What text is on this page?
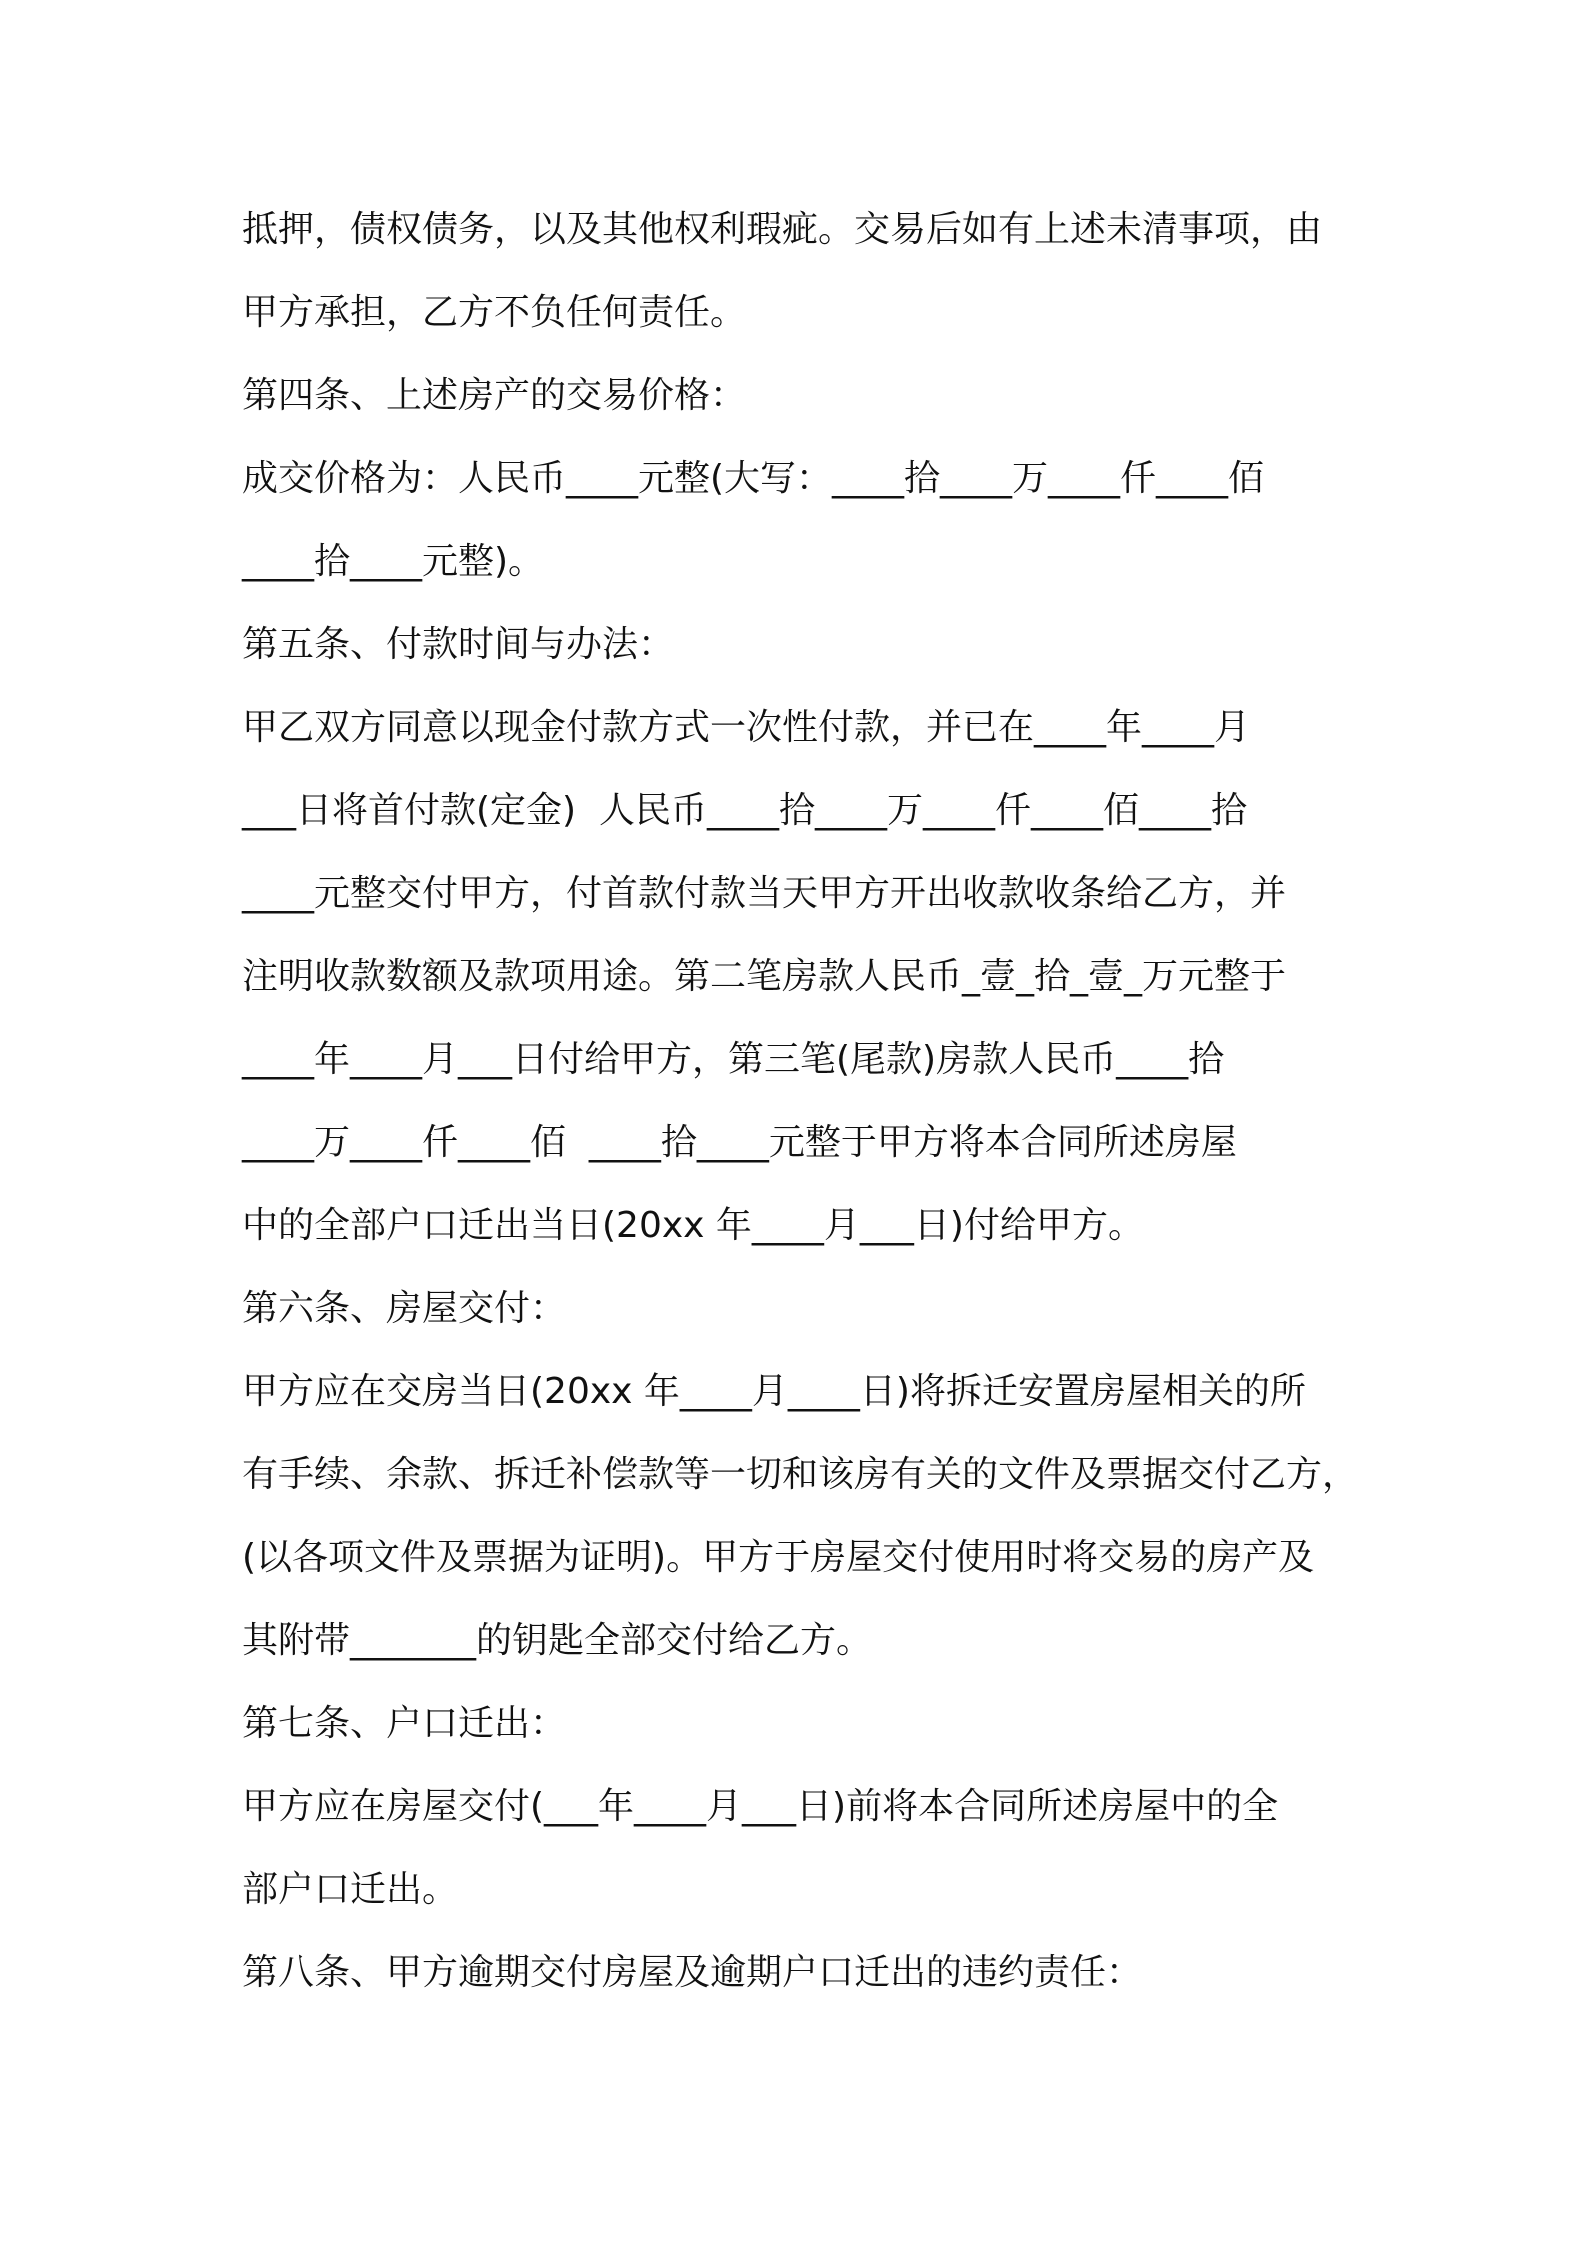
抵押，债权债务，以及其他权利瑕疵。交易后如有上述未清事项，由

甲方承担，乙方不负任何责任。

第四条、上述房产的交易价格：

成交价格为：人民币____元整(大写：____拾____万____仟____佰

____拾____元整)。

第五条、付款时间与办法：

甲乙双方同意以现金付款方式一次性付款，并已在____年____月

___日将首付款(定金)  人民币____拾____万____仟____佰____拾

____元整交付甲方，付首款付款当天甲方开出收款收条给乙方，并

注明收款数额及款项用途。第二笔房款人民币_壹_拾_壹_万元整于

____年____月___日付给甲方，第三笔(尾款)房款人民币____拾

____万____仟____佰  ____拾____元整于甲方将本合同所述房屋

中的全部户口迁出当日(20xx 年____月___日)付给甲方。

第六条、房屋交付：

甲方应在交房当日(20xx 年____月____日)将拆迁安置房屋相关的所

有手续、余款、拆迁补偿款等一切和该房有关的文件及票据交付乙方，

(以各项文件及票据为证明)。甲方于房屋交付使用时将交易的房产及

其附带_______的钥匙全部交付给乙方。

第七条、户口迁出：

甲方应在房屋交付(___年____月___日)前将本合同所述房屋中的全

部户口迁出。

第八条、甲方逾期交付房屋及逾期户口迁出的违约责任：
